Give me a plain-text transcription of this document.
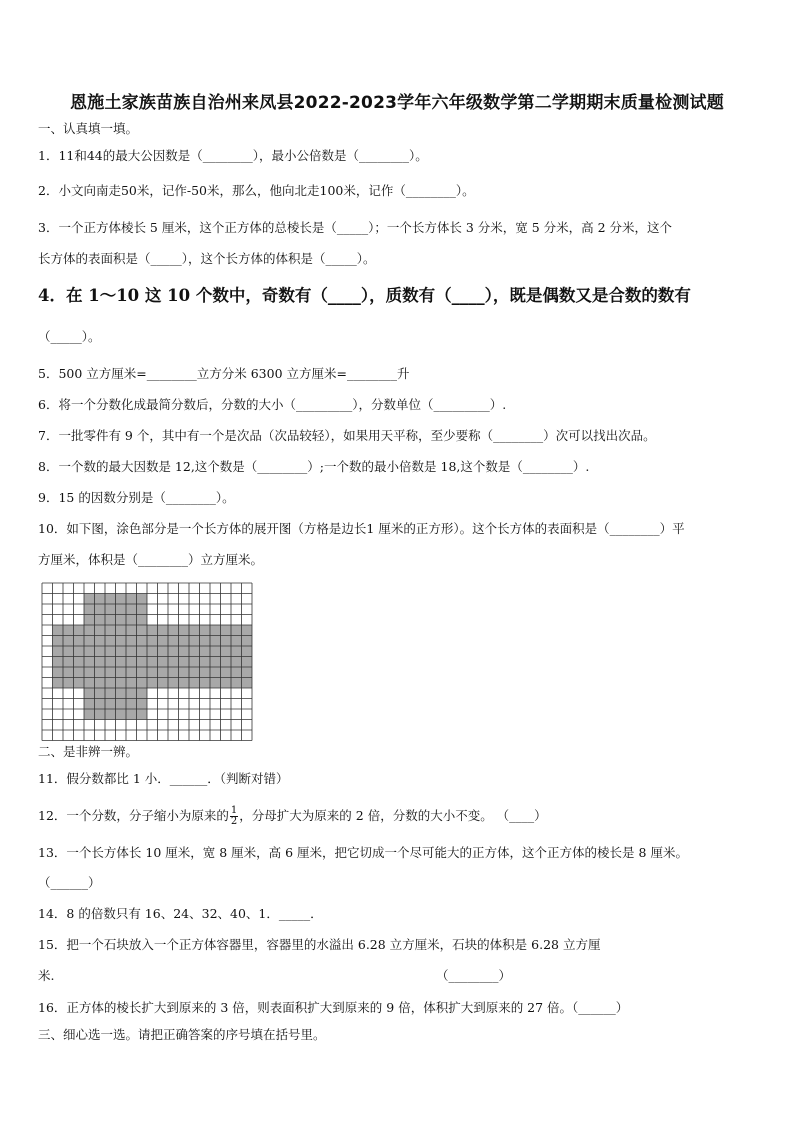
恩施土家族苗族自治州来凤县2022-2023学年六年级数学第二学期期末质量检测试题
一、认真填一填。
1．11和44的最大公因数是（________），最小公倍数是（________）。
2．小文向南走50米，记作-50米，那么，他向北走100米，记作（________）。
3．一个正方体棱长 5 厘米，这个正方体的总棱长是（_____）；一个长方体长 3 分米，宽 5 分米，高 2 分米，这个
长方体的表面积是（_____），这个长方体的体积是（_____）。
4．在 1～10 这 10 个数中，奇数有（____），质数有（____），既是偶数又是合数的数有
（_____）。
5．500 立方厘米=________立方分米 6300 立方厘米=________升
6．将一个分数化成最简分数后，分数的大小（_________），分数单位（_________）.
7．一批零件有 9 个，其中有一个是次品（次品较轻），如果用天平称，至少要称（________）次可以找出次品。
8．一个数的最大因数是 12,这个数是（________）;一个数的最小倍数是 18,这个数是（________）.
9．15 的因数分别是（________）。
10．如下图，涂色部分是一个长方体的展开图（方格是边长1 厘米的正方形）。这个长方体的表面积是（________）平
方厘米，体积是（________）立方厘米。
二、是非辨一辨。
11．假分数都比 1 小．______．（判断对错）
12．一个分数，分子缩小为原来的 $\frac{1}{2}$ ，分母扩大为原来的 2 倍，分数的大小不变。 （____）
13．一个长方体长 10 厘米，宽 8 厘米，高 6 厘米，把它切成一个尽可能大的正方体，这个正方体的棱长是 8 厘米。
（______）
14．8 的倍数只有 16、24、32、40、1．_____．
15．把一个石块放入一个正方体容器里，容器里的水溢出 6.28 立方厘米，石块的体积是 6.28 立方厘
米.	（________）
16．正方体的棱长扩大到原来的 3 倍，则表面积扩大到原来的 9 倍，体积扩大到原来的 27 倍。（______）
三、细心选一选。请把正确答案的序号填在括号里。
